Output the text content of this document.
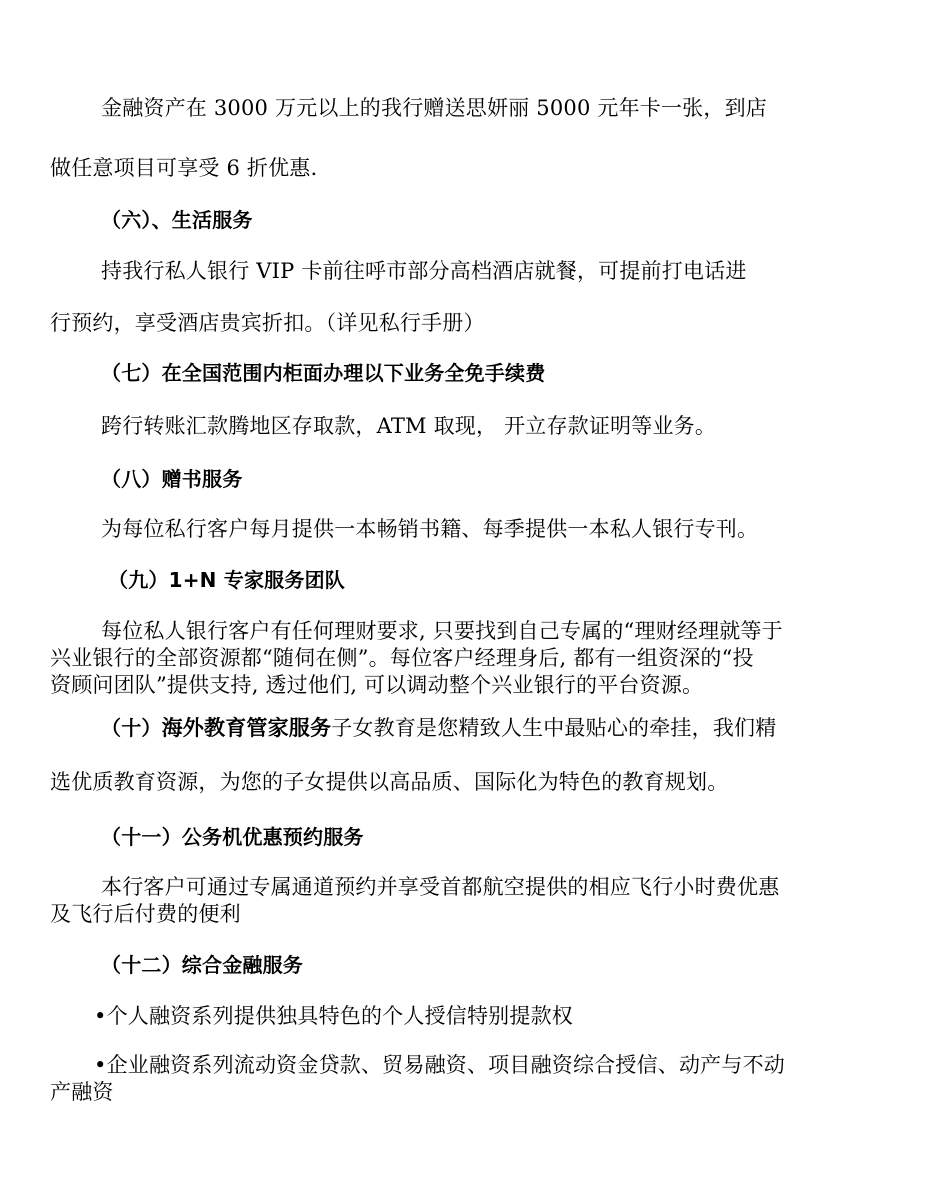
金融资产在 3000 万元以上的我行赠送思妍丽 5000 元年卡一张，到店
做任意项目可享受 6 折优惠.
（六）、生活服务
持我行私人银行 VIP 卡前往呼市部分高档酒店就餐，可提前打电话进
行预约，享受酒店贵宾折扣。（详见私行手册）
（七）在全国范围内柜面办理以下业务全免手续费
跨行转账汇款腾地区存取款，ATM 取现， 开立存款证明等业务。
（八）赠书服务
为每位私行客户每月提供一本畅销书籍、每季提供一本私人银行专刊。
（九）1+N 专家服务团队
每位私人银行客户有任何理财要求, 只要找到自己专属的“理财经理就等于
兴业银行的全部资源都“随伺在侧”。每位客户经理身后, 都有一组资深的“投
资顾问团队”提供支持, 透过他们, 可以调动整个兴业银行的平台资源。
（十）海外教育管家服务子女教育是您精致人生中最贴心的牵挂，我们精
选优质教育资源，为您的子女提供以高品质、国际化为特色的教育规划。
（十一）公务机优惠预约服务
本行客户可通过专属通道预约并享受首都航空提供的相应飞行小时费优惠
及飞行后付费的便利
（十二）综合金融服务
•个人融资系列提供独具特色的个人授信特别提款权
•企业融资系列流动资金贷款、贸易融资、项目融资综合授信、动产与不动
产融资
